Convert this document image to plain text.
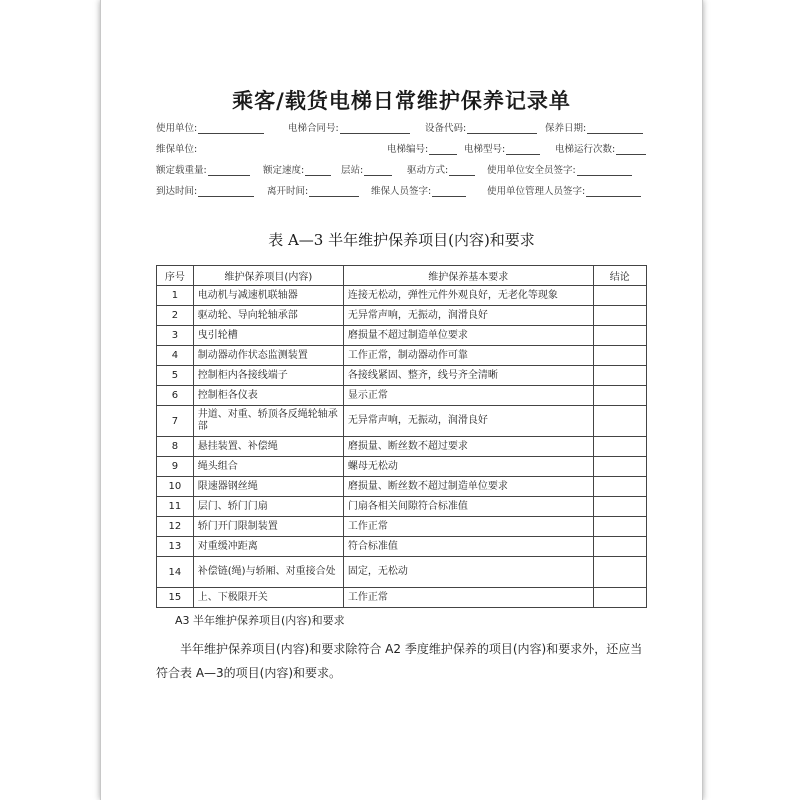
乘客/载货电梯日常维护保养记录单
使用单位:	电梯合同号:	设备代码:	保养日期:
维保单位:	电梯编号:	电梯型号:	电梯运行次数:
额定载重量:	额定速度:	层站:	驱动方式:	使用单位安全员签字:
到达时间:	离开时间:	维保人员签字:	使用单位管理人员签字:
表 A—3 半年维护保养项目(内容)和要求
序号	维护保养项目(内容)	维护保养基本要求	结论
1	电动机与减速机联轴器	连接无松动，弹性元件外观良好，无老化等现象	
2	驱动轮、导向轮轴承部	无异常声响，无振动，润滑良好	
3	曳引轮槽	磨损量不超过制造单位要求	
4	制动器动作状态监测装置	工作正常，制动器动作可靠	
5	控制柜内各接线端子	各接线紧固、整齐，线号齐全清晰	
6	控制柜各仪表	显示正常	
7	井道、对重、轿顶各反绳轮轴承部	无异常声响，无振动，润滑良好	
8	悬挂装置、补偿绳	磨损量、断丝数不超过要求	
9	绳头组合	螺母无松动	
10	限速器钢丝绳	磨损量、断丝数不超过制造单位要求	
11	层门、轿门门扇	门扇各相关间隙符合标准值	
12	轿门开门限制装置	工作正常	
13	对重缓冲距离	符合标准值	
14	补偿链(绳)与轿厢、对重接合处	固定，无松动	
15	上、下极限开关	工作正常	
A3 半年维护保养项目(内容)和要求
半年维护保养项目(内容)和要求除符合 A2 季度维护保养的项目(内容)和要求外，还应当符合表 A—3的项目(内容)和要求。
